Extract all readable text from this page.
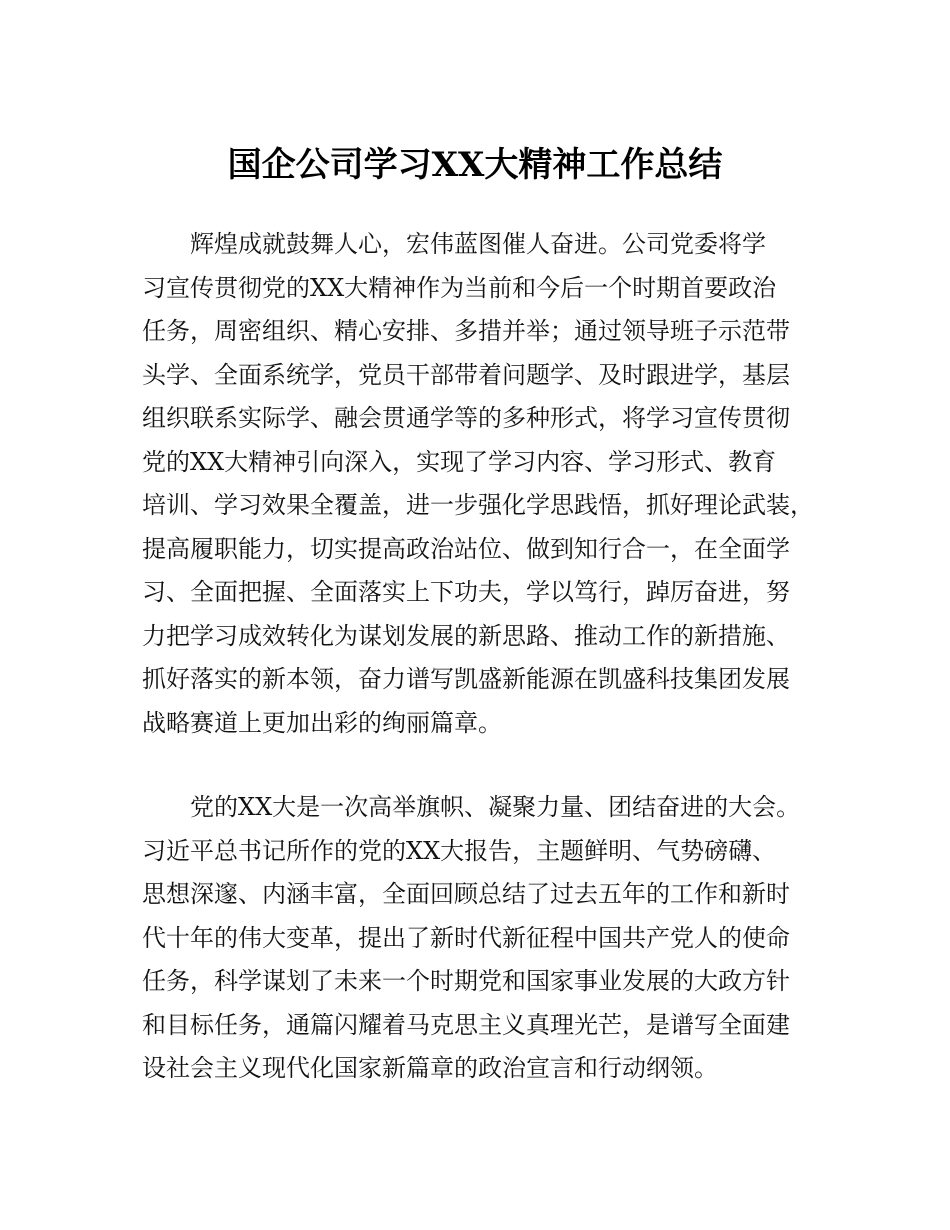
国企公司学习XX大精神工作总结

辉煌成就鼓舞人心，宏伟蓝图催人奋进。公司党委将学
习宣传贯彻党的XX大精神作为当前和今后一个时期首要政治
任务，周密组织、精心安排、多措并举；通过领导班子示范带
头学、全面系统学，党员干部带着问题学、及时跟进学，基层
组织联系实际学、融会贯通学等的多种形式，将学习宣传贯彻
党的XX大精神引向深入，实现了学习内容、学习形式、教育
培训、学习效果全覆盖，进一步强化学思践悟，抓好理论武装，
提高履职能力，切实提高政治站位、做到知行合一，在全面学
习、全面把握、全面落实上下功夫，学以笃行，踔厉奋进，努
力把学习成效转化为谋划发展的新思路、推动工作的新措施、
抓好落实的新本领，奋力谱写凯盛新能源在凯盛科技集团发展
战略赛道上更加出彩的绚丽篇章。

党的XX大是一次高举旗帜、凝聚力量、团结奋进的大会。
习近平总书记所作的党的XX大报告，主题鲜明、气势磅礴、
思想深邃、内涵丰富，全面回顾总结了过去五年的工作和新时
代十年的伟大变革，提出了新时代新征程中国共产党人的使命
任务，科学谋划了未来一个时期党和国家事业发展的大政方针
和目标任务，通篇闪耀着马克思主义真理光芒，是谱写全面建
设社会主义现代化国家新篇章的政治宣言和行动纲领。
